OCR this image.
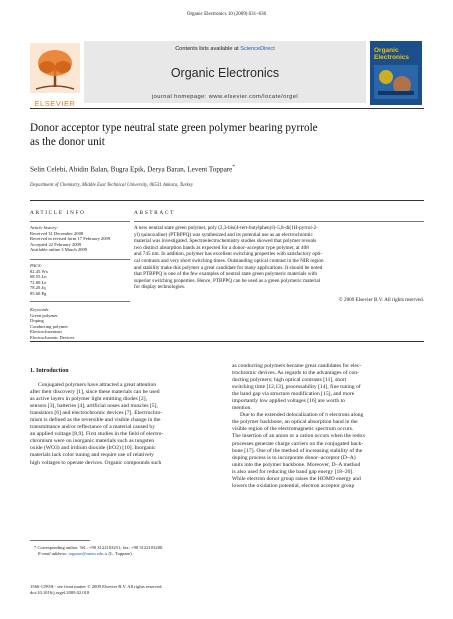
Organic Electronics 10 (2009) 631–636
ELSEVIER
Contents lists available at ScienceDirect
Organic Electronics
Organic
Electronics
journal homepage: www.elsevier.com/locate/orgel
Donor acceptor type neutral state green polymer bearing pyrrole
as the donor unit
Selin Celebi, Abidin Balan, Bugra Epik, Derya Baran, Levent Toppare*
Department of Chemistry, Middle East Technical University, 06531 Ankara, Turkey
ARTICLE INFO
Article history:
Received 31 December 2008
Received in revised form 17 February 2009
Accepted 22 February 2009
Available online 3 March 2009
PACS:
82.45.Wx
68.55.Ln
72.80.Le
78.20.Jq
85.60.Pg
Keywords:
Green polymer
Doping
Conducting polymer
Electrochromism
Electrochromic Devices
ABSTRACT
A new neutral state green polymer, poly (2,3-bis(4-tert-butylphenyl)-5,8-di(1H-pyrrol-2-
yl) quinoxaline) (PTBPPQ) was synthesized and its potential use as an electrochromic
material was investigated. Spectroelectrochemistry studies showed that polymer reveals
two distinct absorption bands as expected for a donor–acceptor type polymer, at 408
and 745 nm. In addition, polymer has excellent switching properties with satisfactory opti-
cal contrasts and very short switching times. Outstanding optical contrast in the NIR region
and stability make this polymer a great candidate for many applications. It should be noted
that PTBPPQ is one of the few examples of neutral state green polymeric materials with
superior switching properties. Hence, PTBPPQ can be used as a green polymeric material
for display technologies.
© 2009 Elsevier B.V. All rights reserved.
1. Introduction
Conjugated polymers have attracted a great attention
after their discovery [1], since these materials can be used
as active layers in polymer light emitting diodes [2],
sensors [3], batteries [4], artificial noses and muscles [5],
transistors [6] and electrochromic devices [7]. Electrochro-
mism is defined as the reversible and visible change in the
transmittance and/or reflectance of a material caused by
an applied voltage [8,9]. First studies in the field of electro-
chromism were on inorganic materials such as tungsten
oxide (WO3) and iridium dioxide (IrO2) [10]. Inorganic
materials lack color tuning and require use of relatively
high voltages to operate devices. Organic compounds such
as conducting polymers became great candidates for elec-
trochromic devices. As regards to the advantages of con-
ducting polymers; high optical contrasts [11], short
switching time [12,13], processability [14], fine tuning of
the band gap via structure modification [15], and more
importantly low applied voltages [16] are worth to
mention.
Due to the extended delocalization of π electrons along
the polymer backbone, an optical absorption band in the
visible region of the electromagnetic spectrum occurs.
The insertion of an anion or a cation occurs when the redox
processes generate charge carriers on the conjugated back-
bone [17]. One of the method of increasing stability of the
doping process is to incorporate donor–acceptor (D–A)
units into the polymer backbone. Moreover, D–A method
is also used for reducing the band gap energy [18–20].
While electron donor group raises the HOMO energy and
lowers the oxidation potential, electron acceptor group
* Corresponding author. Tel.: +90 3122103251; fax: +90 3122103200.
E-mail address: toppare@metu.edu.tr (L. Toppare).
1566-1199/$ - see front matter © 2009 Elsevier B.V. All rights reserved.
doi:10.1016/j.orgel.2009.02.018
